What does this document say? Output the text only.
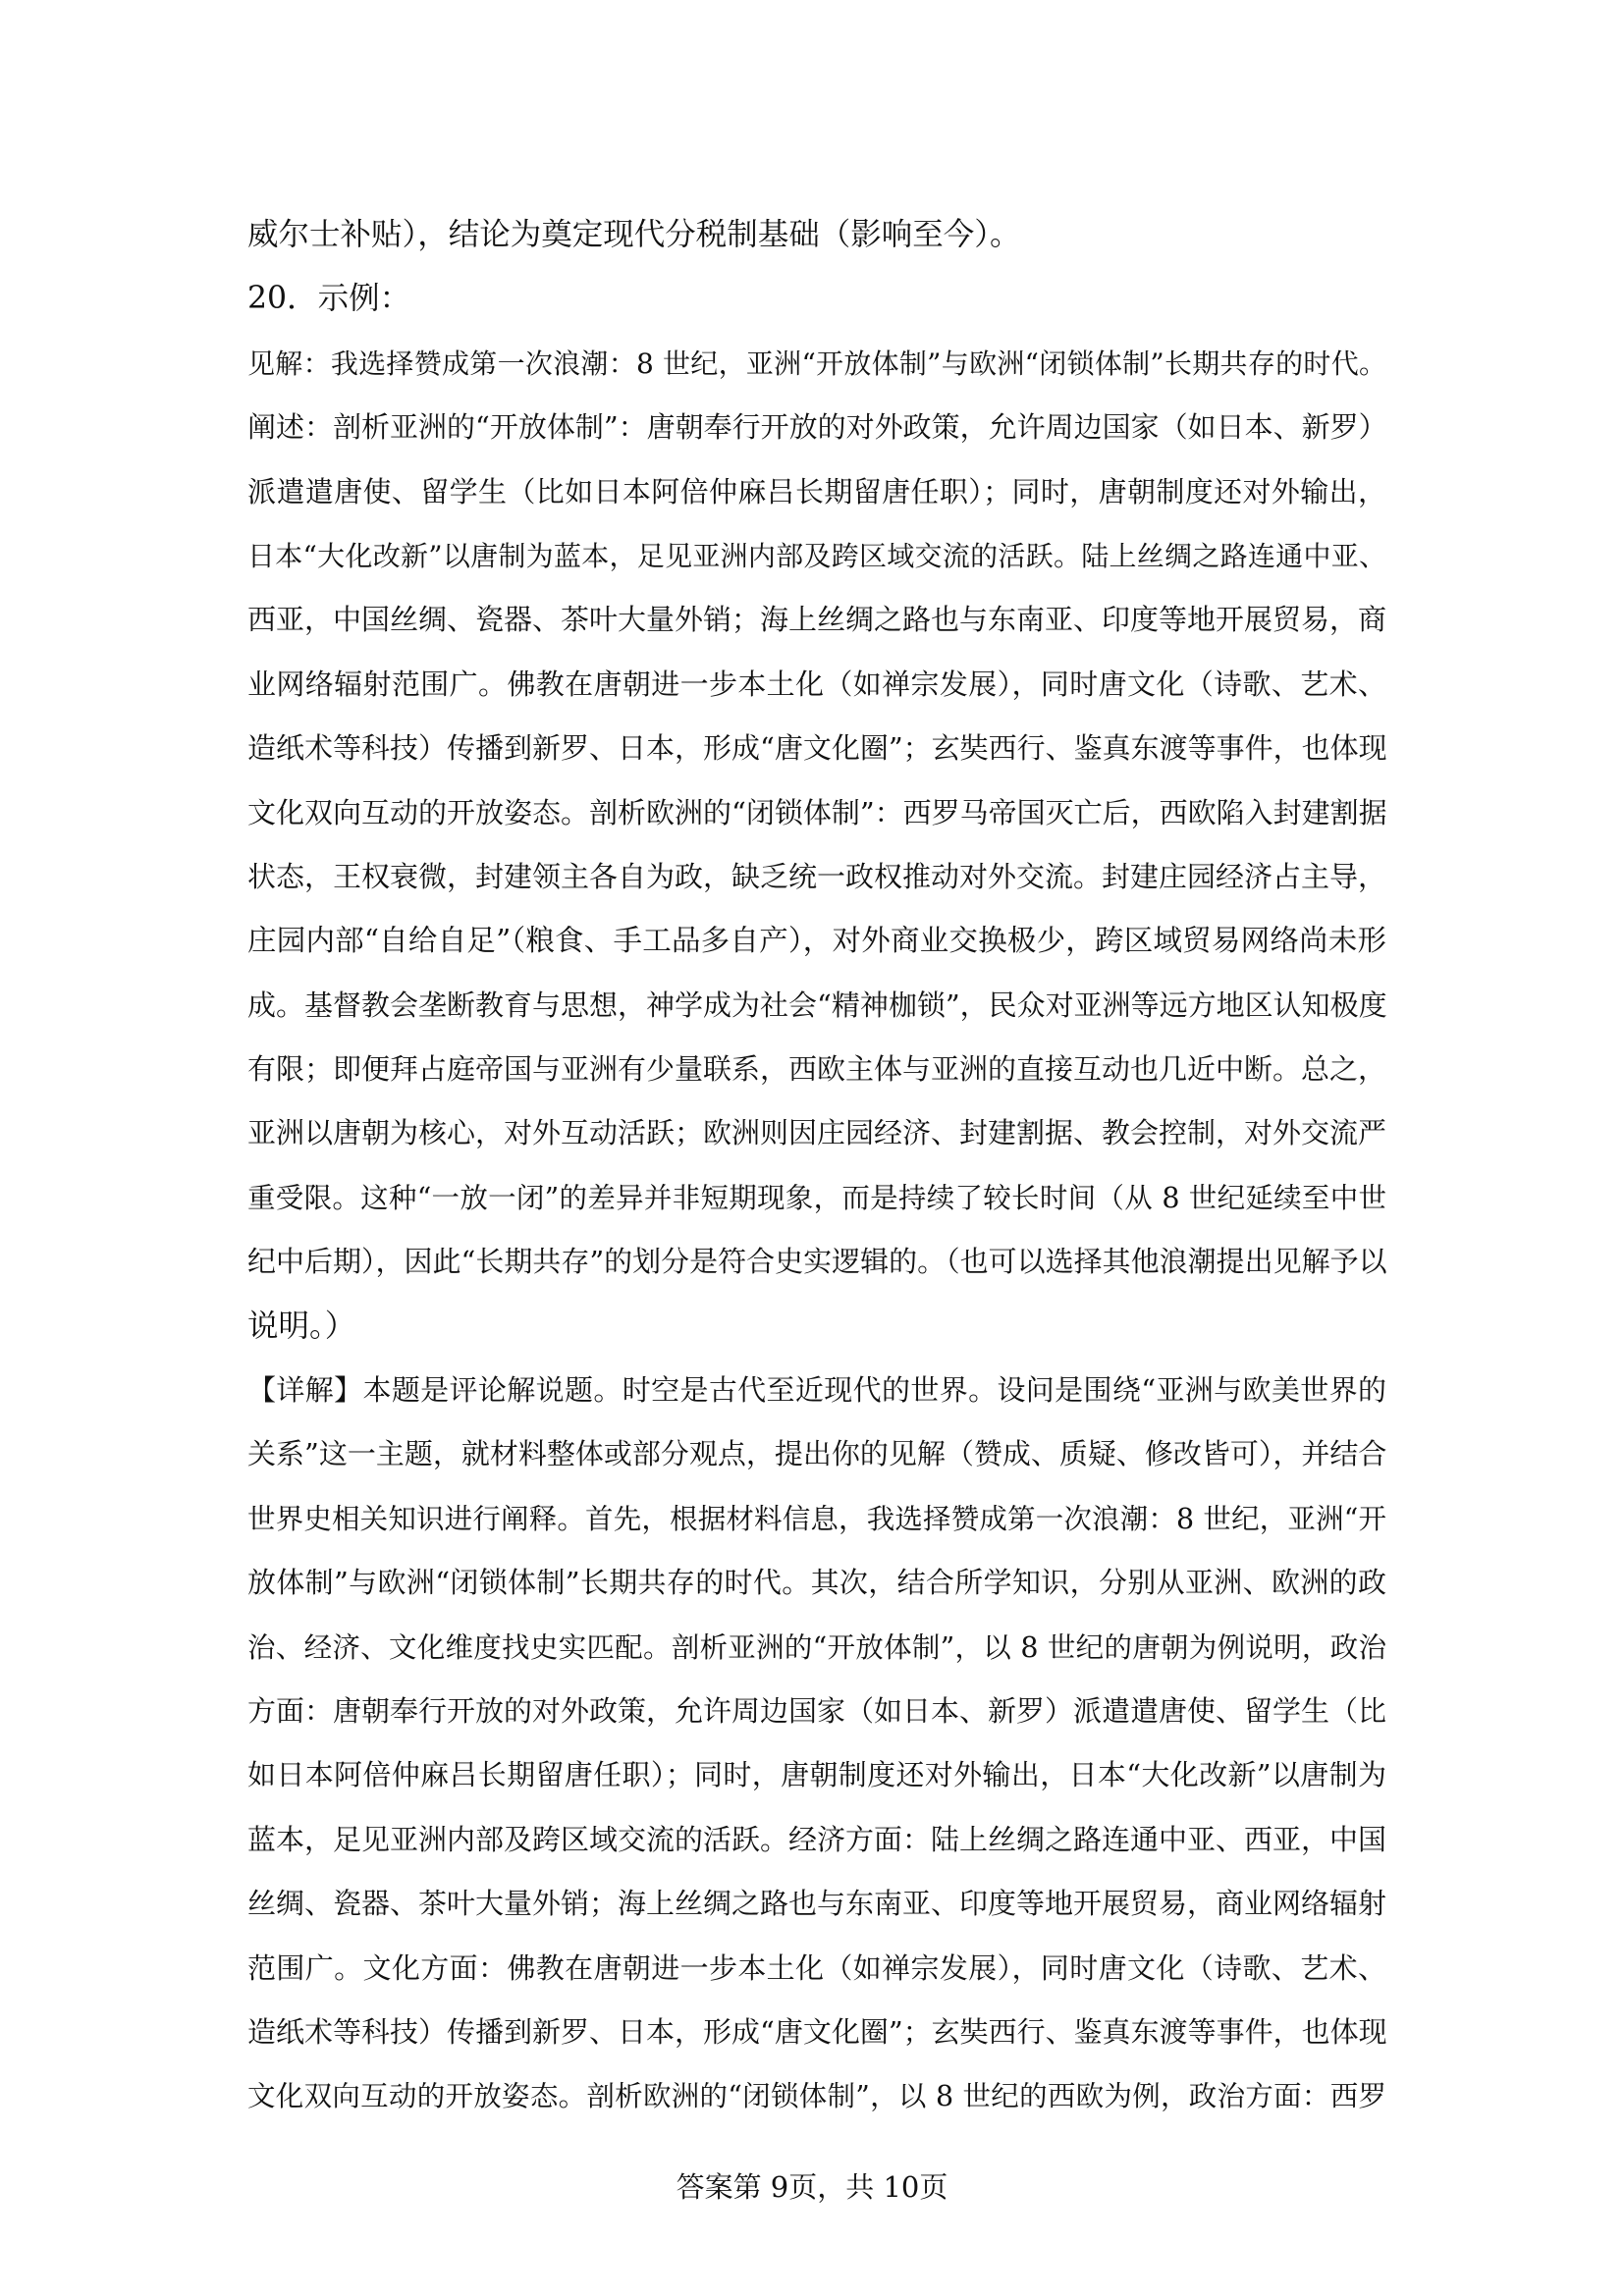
威尔士补贴），结论为奠定现代分税制基础（影响至今）。
20．示例：
见解：我选择赞成第一次浪潮：8 世纪，亚洲“开放体制”与欧洲“闭锁体制”长期共存的时代。
阐述：剖析亚洲的“开放体制”：唐朝奉行开放的对外政策，允许周边国家（如日本、新罗）
派遣遣唐使、留学生（比如日本阿倍仲麻吕长期留唐任职）；同时，唐朝制度还对外输出，
日本“大化改新”以唐制为蓝本，足见亚洲内部及跨区域交流的活跃。陆上丝绸之路连通中亚、
西亚，中国丝绸、瓷器、茶叶大量外销；海上丝绸之路也与东南亚、印度等地开展贸易，商
业网络辐射范围广。佛教在唐朝进一步本土化（如禅宗发展），同时唐文化（诗歌、艺术、
造纸术等科技）传播到新罗、日本，形成“唐文化圈”；玄奘西行、鉴真东渡等事件，也体现
文化双向互动的开放姿态。剖析欧洲的“闭锁体制”：西罗马帝国灭亡后，西欧陷入封建割据
状态，王权衰微，封建领主各自为政，缺乏统一政权推动对外交流。封建庄园经济占主导，
庄园内部“自给自足”（粮食、手工品多自产），对外商业交换极少，跨区域贸易网络尚未形
成。基督教会垄断教育与思想，神学成为社会“精神枷锁”，民众对亚洲等远方地区认知极度
有限；即便拜占庭帝国与亚洲有少量联系，西欧主体与亚洲的直接互动也几近中断。总之，
亚洲以唐朝为核心，对外互动活跃；欧洲则因庄园经济、封建割据、教会控制，对外交流严
重受限。这种“一放一闭”的差异并非短期现象，而是持续了较长时间（从 8 世纪延续至中世
纪中后期），因此“长期共存”的划分是符合史实逻辑的。（也可以选择其他浪潮提出见解予以
说明。）
【详解】本题是评论解说题。时空是古代至近现代的世界。设问是围绕“亚洲与欧美世界的
关系”这一主题，就材料整体或部分观点，提出你的见解（赞成、质疑、修改皆可），并结合
世界史相关知识进行阐释。首先，根据材料信息，我选择赞成第一次浪潮：8 世纪，亚洲“开
放体制”与欧洲“闭锁体制”长期共存的时代。其次，结合所学知识，分别从亚洲、欧洲的政
治、经济、文化维度找史实匹配。剖析亚洲的“开放体制”，以 8 世纪的唐朝为例说明，政治
方面：唐朝奉行开放的对外政策，允许周边国家（如日本、新罗）派遣遣唐使、留学生（比
如日本阿倍仲麻吕长期留唐任职）；同时，唐朝制度还对外输出，日本“大化改新”以唐制为
蓝本，足见亚洲内部及跨区域交流的活跃。经济方面：陆上丝绸之路连通中亚、西亚，中国
丝绸、瓷器、茶叶大量外销；海上丝绸之路也与东南亚、印度等地开展贸易，商业网络辐射
范围广。文化方面：佛教在唐朝进一步本土化（如禅宗发展），同时唐文化（诗歌、艺术、
造纸术等科技）传播到新罗、日本，形成“唐文化圈”；玄奘西行、鉴真东渡等事件，也体现
文化双向互动的开放姿态。剖析欧洲的“闭锁体制”，以 8 世纪的西欧为例，政治方面：西罗
答案第 9页，共 10页
